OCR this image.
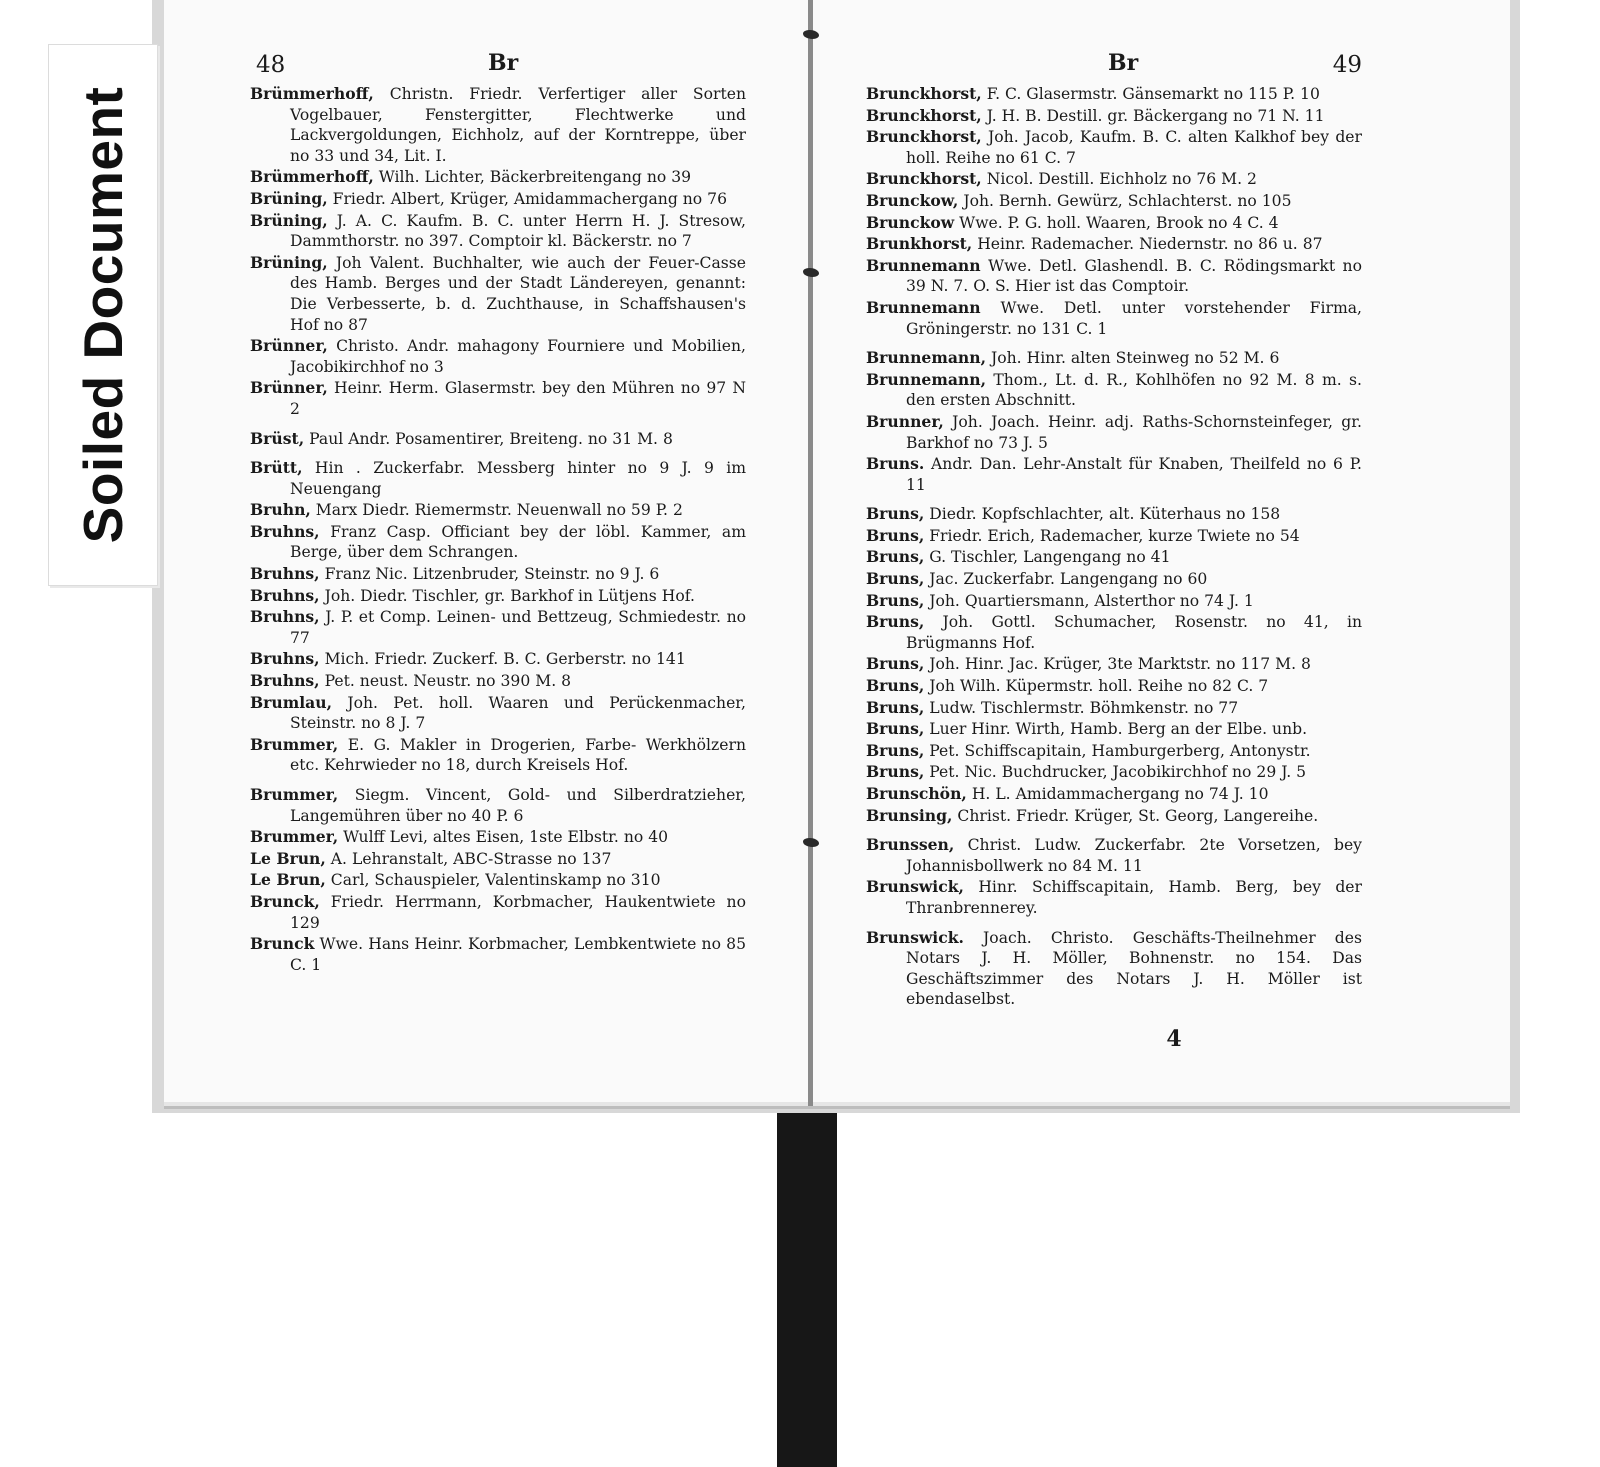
Soiled Document
48	Br
Brümmerhoff, Christn. Friedr. Verfertiger aller Sorten Vogelbauer, Fenstergitter, Flechtwerke und Lackvergoldungen, Eichholz, auf der Korntreppe, über no 33 und 34, Lit. I.
Brümmerhoff, Wilh. Lichter, Bäckerbreitengang no 39
Brüning, Friedr. Albert, Krüger, Amidammachergang no 76
Brüning, J. A. C. Kaufm. B. C. unter Herrn H. J. Stresow, Dammthorstr. no 397. Comptoir kl. Bäckerstr. no 7
Brüning, Joh Valent. Buchhalter, wie auch der Feuer-Casse des Hamb. Berges und der Stadt Ländereyen, genannt: Die Verbesserte, b. d. Zuchthause, in Schaffshausen's Hof no 87
Brünner, Christo. Andr. mahagony Fourniere und Mobilien, Jacobikirchhof no 3
Brünner, Heinr. Herm. Glasermstr. bey den Mühren no 97 N 2
Brüst, Paul Andr. Posamentirer, Breiteng. no 31 M. 8
Brütt, Hin . Zuckerfabr. Messberg hinter no 9 J. 9 im Neuengang
Bruhn, Marx Diedr. Riemermstr. Neuenwall no 59 P. 2
Bruhns, Franz Casp. Officiant bey der löbl. Kammer, am Berge, über dem Schrangen.
Bruhns, Franz Nic. Litzenbruder, Steinstr. no 9 J. 6
Bruhns, Joh. Diedr. Tischler, gr. Barkhof in Lütjens Hof.
Bruhns, J. P. et Comp. Leinen- und Bettzeug, Schmiedestr. no 77
Bruhns, Mich. Friedr. Zuckerf. B. C. Gerberstr. no 141
Bruhns, Pet. neust. Neustr. no 390 M. 8
Brumlau, Joh. Pet. holl. Waaren und Perückenmacher, Steinstr. no 8 J. 7
Brummer, E. G. Makler in Drogerien, Farbe- Werkhölzern etc. Kehrwieder no 18, durch Kreisels Hof.
Brummer, Siegm. Vincent, Gold- und Silberdratzieher, Langemühren über no 40 P. 6
Brummer, Wulff Levi, altes Eisen, 1ste Elbstr. no 40
Le Brun, A. Lehranstalt, ABC-Strasse no 137
Le Brun, Carl, Schauspieler, Valentinskamp no 310
Brunck, Friedr. Herrmann, Korbmacher, Haukentwiete no 129
Brunck Wwe. Hans Heinr. Korbmacher, Lembkentwiete no 85 C. 1
Br	49
Brunckhorst, F. C. Glasermstr. Gänsemarkt no 115 P. 10
Brunckhorst, J. H. B. Destill. gr. Bäckergang no 71 N. 11
Brunckhorst, Joh. Jacob, Kaufm. B. C. alten Kalkhof bey der holl. Reihe no 61 C. 7
Brunckhorst, Nicol. Destill. Eichholz no 76 M. 2
Brunckow, Joh. Bernh. Gewürz, Schlachterst. no 105
Brunckow Wwe. P. G. holl. Waaren, Brook no 4 C. 4
Brunkhorst, Heinr. Rademacher. Niedernstr. no 86 u. 87
Brunnemann Wwe. Detl. Glashendl. B. C. Rödingsmarkt no 39 N. 7. O. S. Hier ist das Comptoir.
Brunnemann Wwe. Detl. unter vorstehender Firma, Gröningerstr. no 131 C. 1
Brunnemann, Joh. Hinr. alten Steinweg no 52 M. 6
Brunnemann, Thom., Lt. d. R., Kohlhöfen no 92 M. 8 m. s. den ersten Abschnitt.
Brunner, Joh. Joach. Heinr. adj. Raths-Schornsteinfeger, gr. Barkhof no 73 J. 5
Bruns. Andr. Dan. Lehr-Anstalt für Knaben, Theilfeld no 6 P. 11
Bruns, Diedr. Kopfschlachter, alt. Küterhaus no 158
Bruns, Friedr. Erich, Rademacher, kurze Twiete no 54
Bruns, G. Tischler, Langengang no 41
Bruns, Jac. Zuckerfabr. Langengang no 60
Bruns, Joh. Quartiersmann, Alsterthor no 74 J. 1
Bruns, Joh. Gottl. Schumacher, Rosenstr. no 41, in Brügmanns Hof.
Bruns, Joh. Hinr. Jac. Krüger, 3te Marktstr. no 117 M. 8
Bruns, Joh Wilh. Küpermstr. holl. Reihe no 82 C. 7
Bruns, Ludw. Tischlermstr. Böhmkenstr. no 77
Bruns, Luer Hinr. Wirth, Hamb. Berg an der Elbe. unb.
Bruns, Pet. Schiffscapitain, Hamburgerberg, Antonystr.
Bruns, Pet. Nic. Buchdrucker, Jacobikirchhof no 29 J. 5
Brunschön, H. L. Amidammachergang no 74 J. 10
Brunsing, Christ. Friedr. Krüger, St. Georg, Langereihe.
Brunssen, Christ. Ludw. Zuckerfabr. 2te Vorsetzen, bey Johannisbollwerk no 84 M. 11
Brunswick, Hinr. Schiffscapitain, Hamb. Berg, bey der Thranbrennerey.
Brunswick. Joach. Christo. Geschäfts-Theilnehmer des Notars J. H. Möller, Bohnenstr. no 154. Das Geschäftszimmer des Notars J. H. Möller ist ebendaselbst.
4
